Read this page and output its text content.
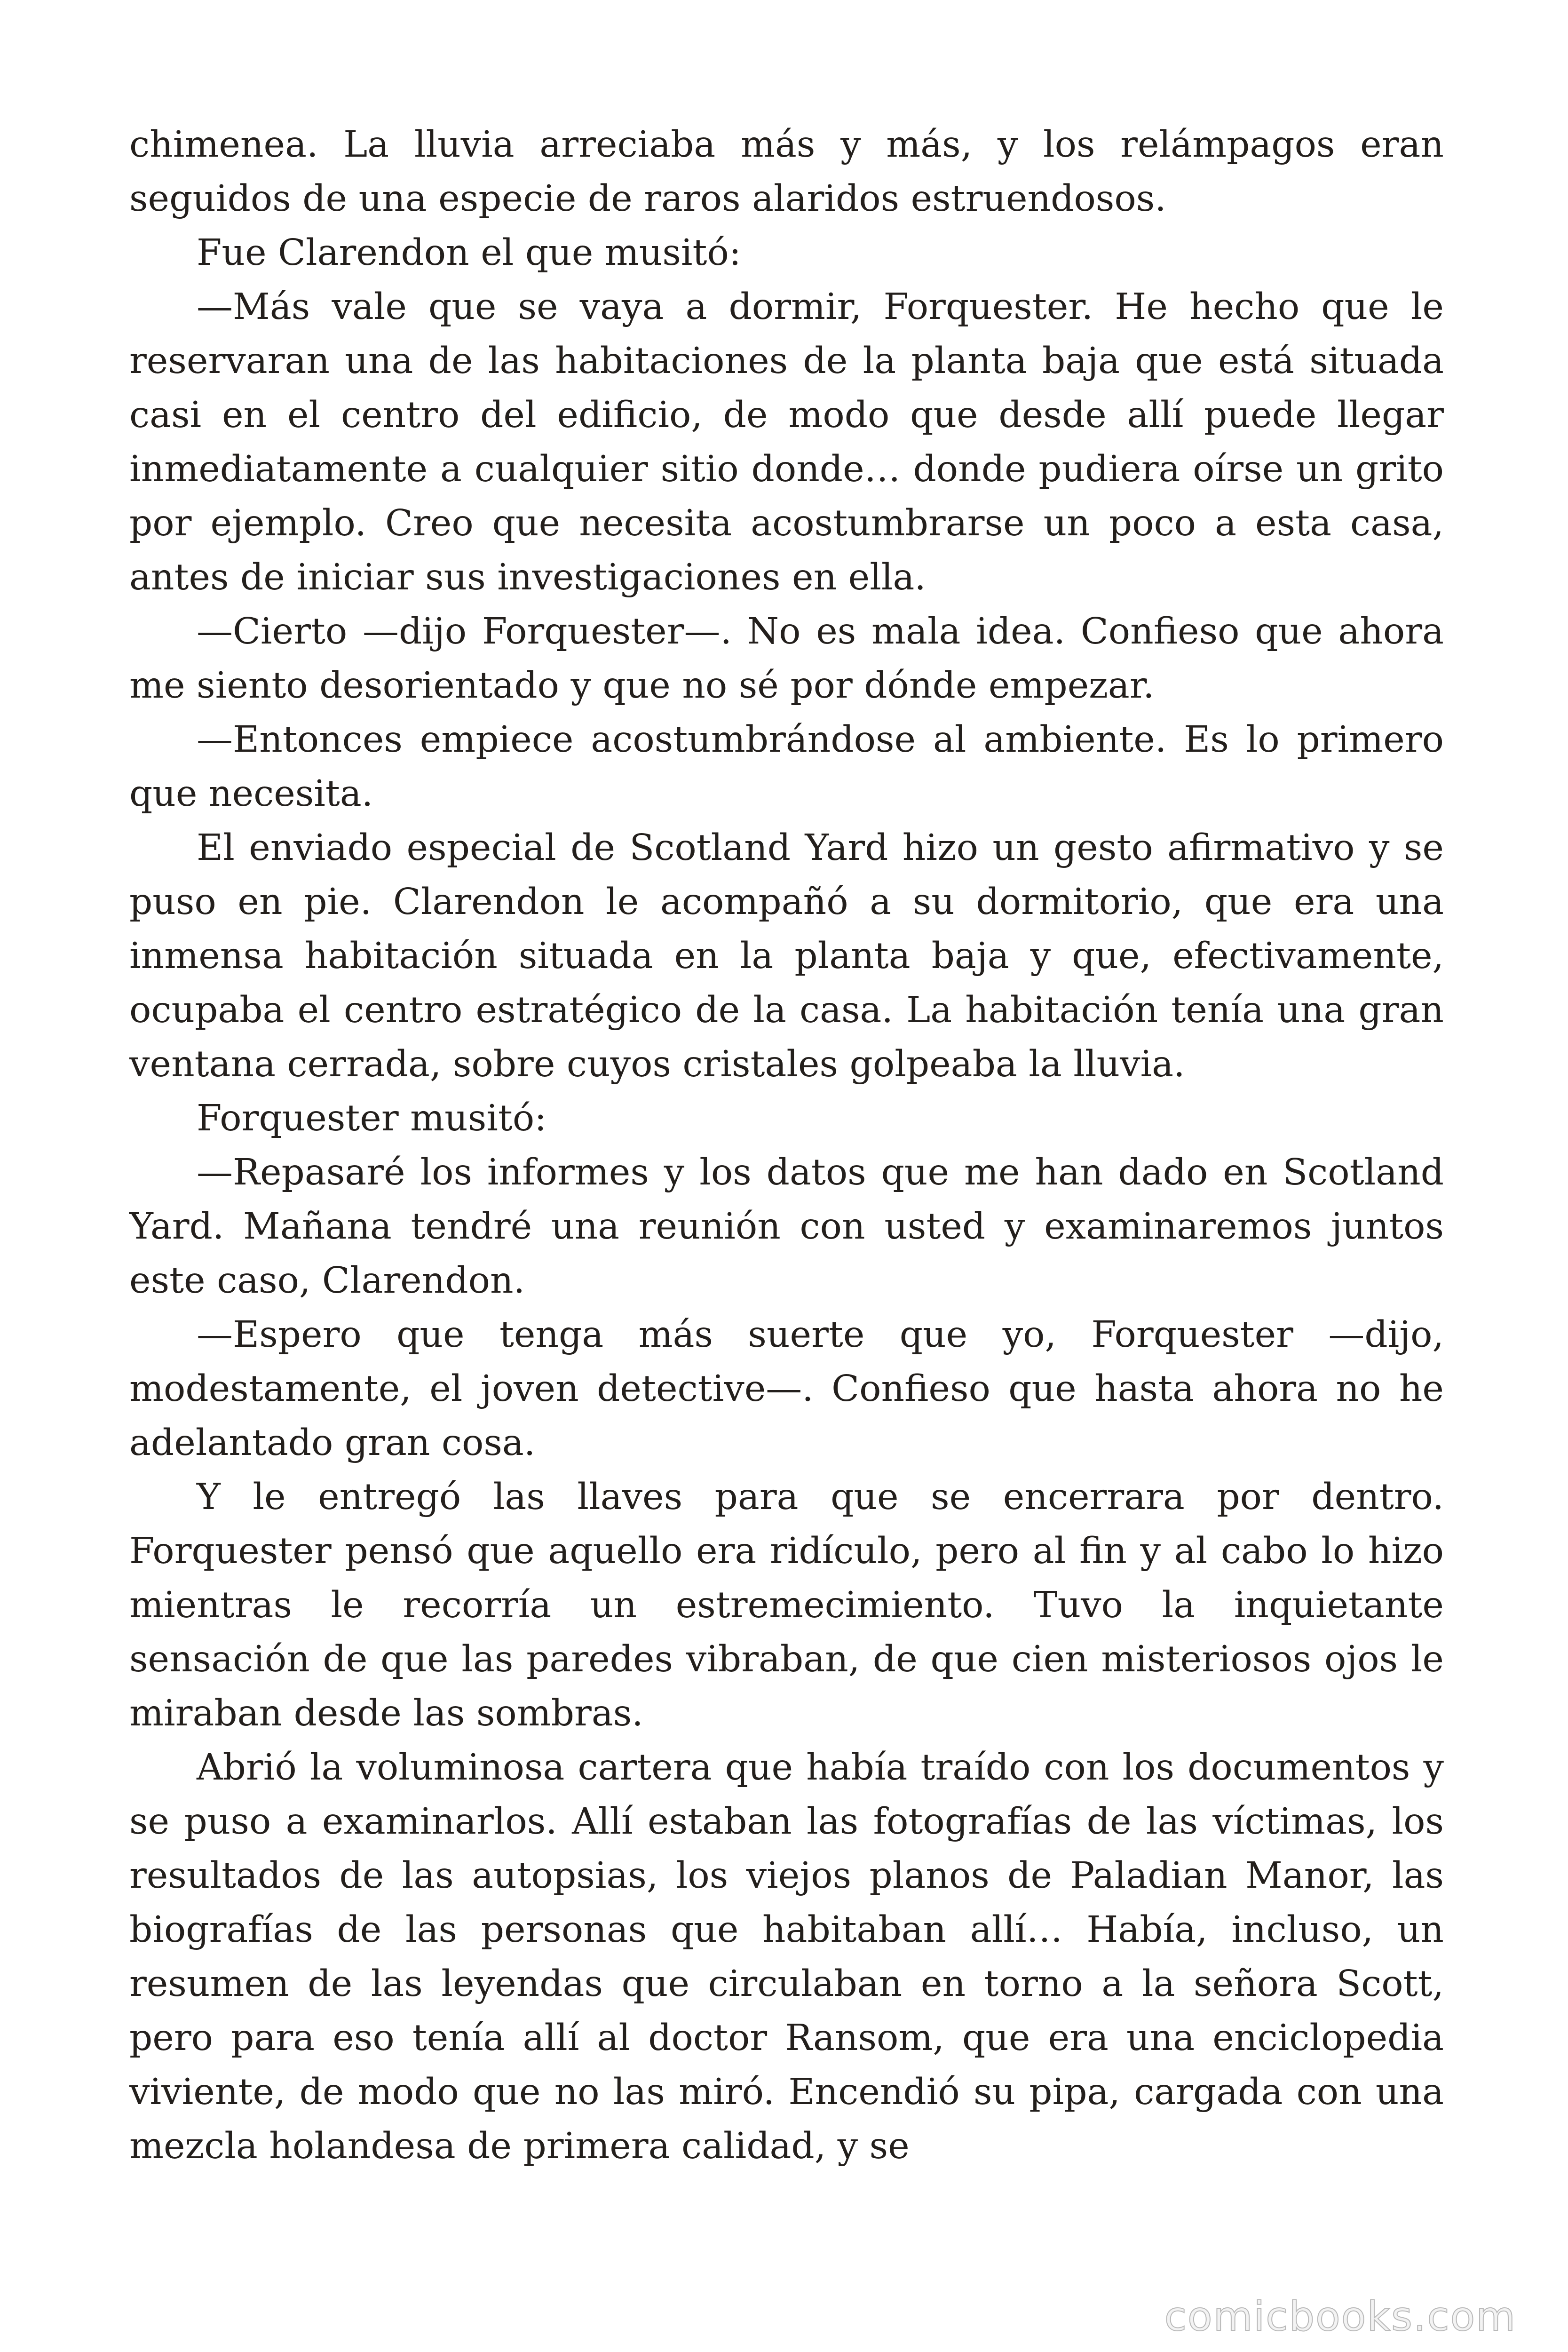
chimenea. La lluvia arreciaba más y más, y los relámpagos eran seguidos de una especie de raros alaridos estruendosos.

Fue Clarendon el que musitó:

—Más vale que se vaya a dormir, Forquester. He hecho que le reservaran una de las habitaciones de la planta baja que está situada casi en el centro del edificio, de modo que desde allí puede llegar inmediatamente a cualquier sitio donde… donde pudiera oírse un grito por ejemplo. Creo que necesita acostumbrarse un poco a esta casa, antes de iniciar sus investigaciones en ella.

—Cierto —dijo Forquester—. No es mala idea. Confieso que ahora me siento desorientado y que no sé por dónde empezar.

—Entonces empiece acostumbrándose al ambiente. Es lo primero que necesita.

El enviado especial de Scotland Yard hizo un gesto afirmativo y se puso en pie. Clarendon le acompañó a su dormitorio, que era una inmensa habitación situada en la planta baja y que, efectivamente, ocupaba el centro estratégico de la casa. La habitación tenía una gran ventana cerrada, sobre cuyos cristales golpeaba la lluvia.

Forquester musitó:

—Repasaré los informes y los datos que me han dado en Scotland Yard. Mañana tendré una reunión con usted y examinaremos juntos este caso, Clarendon.

—Espero que tenga más suerte que yo, Forquester —dijo, modestamente, el joven detective—. Confieso que hasta ahora no he adelantado gran cosa.

Y le entregó las llaves para que se encerrara por dentro. Forquester pensó que aquello era ridículo, pero al fin y al cabo lo hizo mientras le recorría un estremecimiento. Tuvo la inquietante sensación de que las paredes vibraban, de que cien misteriosos ojos le miraban desde las sombras.

Abrió la voluminosa cartera que había traído con los documentos y se puso a examinarlos. Allí estaban las fotografías de las víctimas, los resultados de las autopsias, los viejos planos de Paladian Manor, las biografías de las personas que habitaban allí… Había, incluso, un resumen de las leyendas que circulaban en torno a la señora Scott, pero para eso tenía allí al doctor Ransom, que era una enciclopedia viviente, de modo que no las miró. Encendió su pipa, cargada con una mezcla holandesa de primera calidad, y se

comicbooks.com
